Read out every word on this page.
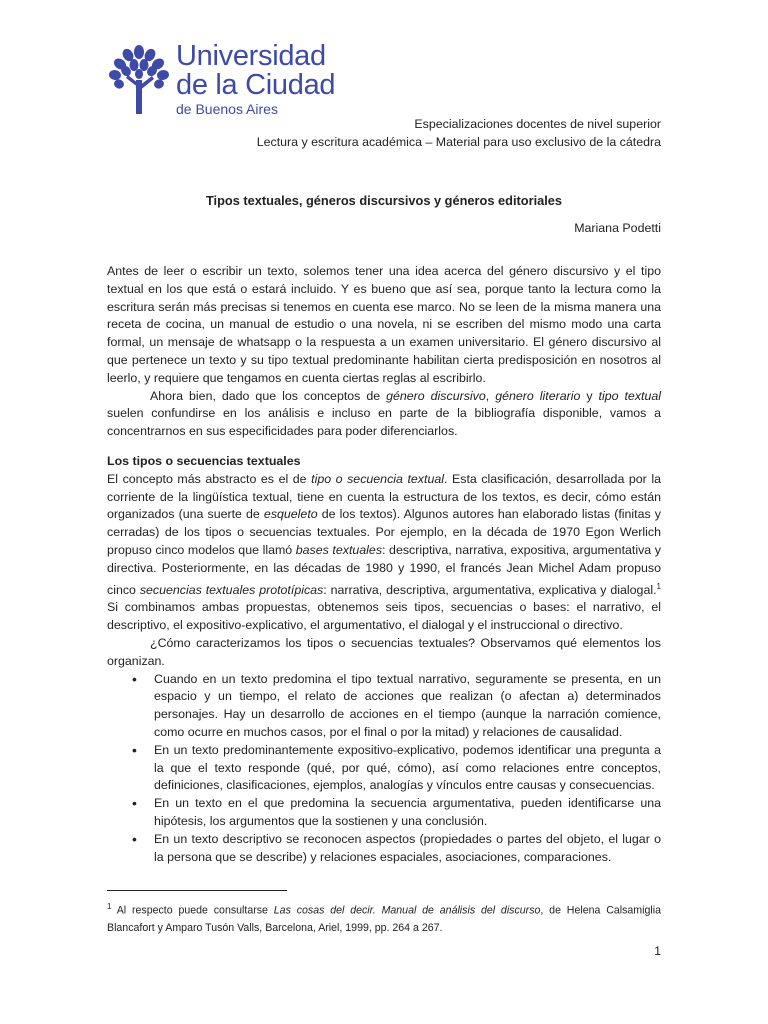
Universidad
de la Ciudad
de Buenos Aires
Especializaciones docentes de nivel superior
Lectura y escritura académica – Material para uso exclusivo de la cátedra
Tipos textuales, géneros discursivos y géneros editoriales
Mariana Podetti

Antes de leer o escribir un texto, solemos tener una idea acerca del género discursivo y el tipo textual en los que está o estará incluido. Y es bueno que así sea, porque tanto la lectura como la escritura serán más precisas si tenemos en cuenta ese marco. No se leen de la misma manera una receta de cocina, un manual de estudio o una novela, ni se escriben del mismo modo una carta formal, un mensaje de whatsapp o la respuesta a un examen universitario. El género discursivo al que pertenece un texto y su tipo textual predominante habilitan cierta predisposición en nosotros al leerlo, y requiere que tengamos en cuenta ciertas reglas al escribirlo.

Ahora bien, dado que los conceptos de género discursivo, género literario y tipo textual suelen confundirse en los análisis e incluso en parte de la bibliografía disponible, vamos a concentrarnos en sus especificidades para poder diferenciarlos.

Los tipos o secuencias textuales

El concepto más abstracto es el de tipo o secuencia textual. Esta clasificación, desarrollada por la corriente de la lingüística textual, tiene en cuenta la estructura de los textos, es decir, cómo están organizados (una suerte de esqueleto de los textos). Algunos autores han elaborado listas (finitas y cerradas) de los tipos o secuencias textuales. Por ejemplo, en la década de 1970 Egon Werlich propuso cinco modelos que llamó bases textuales: descriptiva, narrativa, expositiva, argumentativa y directiva. Posteriormente, en las décadas de 1980 y 1990, el francés Jean Michel Adam propuso cinco secuencias textuales prototípicas: narrativa, descriptiva, argumentativa, explicativa y dialogal.$^1$ Si combinamos ambas propuestas, obtenemos seis tipos, secuencias o bases: el narrativo, el descriptivo, el expositivo-explicativo, el argumentativo, el dialogal y el instruccional o directivo.

¿Cómo caracterizamos los tipos o secuencias textuales? Observamos qué elementos los organizan.

• Cuando en un texto predomina el tipo textual narrativo, seguramente se presenta, en un espacio y un tiempo, el relato de acciones que realizan (o afectan a) determinados personajes. Hay un desarrollo de acciones en el tiempo (aunque la narración comience, como ocurre en muchos casos, por el final o por la mitad) y relaciones de causalidad.
• En un texto predominantemente expositivo-explicativo, podemos identificar una pregunta a la que el texto responde (qué, por qué, cómo), así como relaciones entre conceptos, definiciones, clasificaciones, ejemplos, analogías y vínculos entre causas y consecuencias.
• En un texto en el que predomina la secuencia argumentativa, pueden identificarse una hipótesis, los argumentos que la sostienen y una conclusión.
• En un texto descriptivo se reconocen aspectos (propiedades o partes del objeto, el lugar o la persona que se describe) y relaciones espaciales, asociaciones, comparaciones.
$^1$ Al respecto puede consultarse Las cosas del decir. Manual de análisis del discurso, de Helena Calsamiglia Blancafort y Amparo Tusón Valls, Barcelona, Ariel, 1999, pp. 264 a 267.
1
